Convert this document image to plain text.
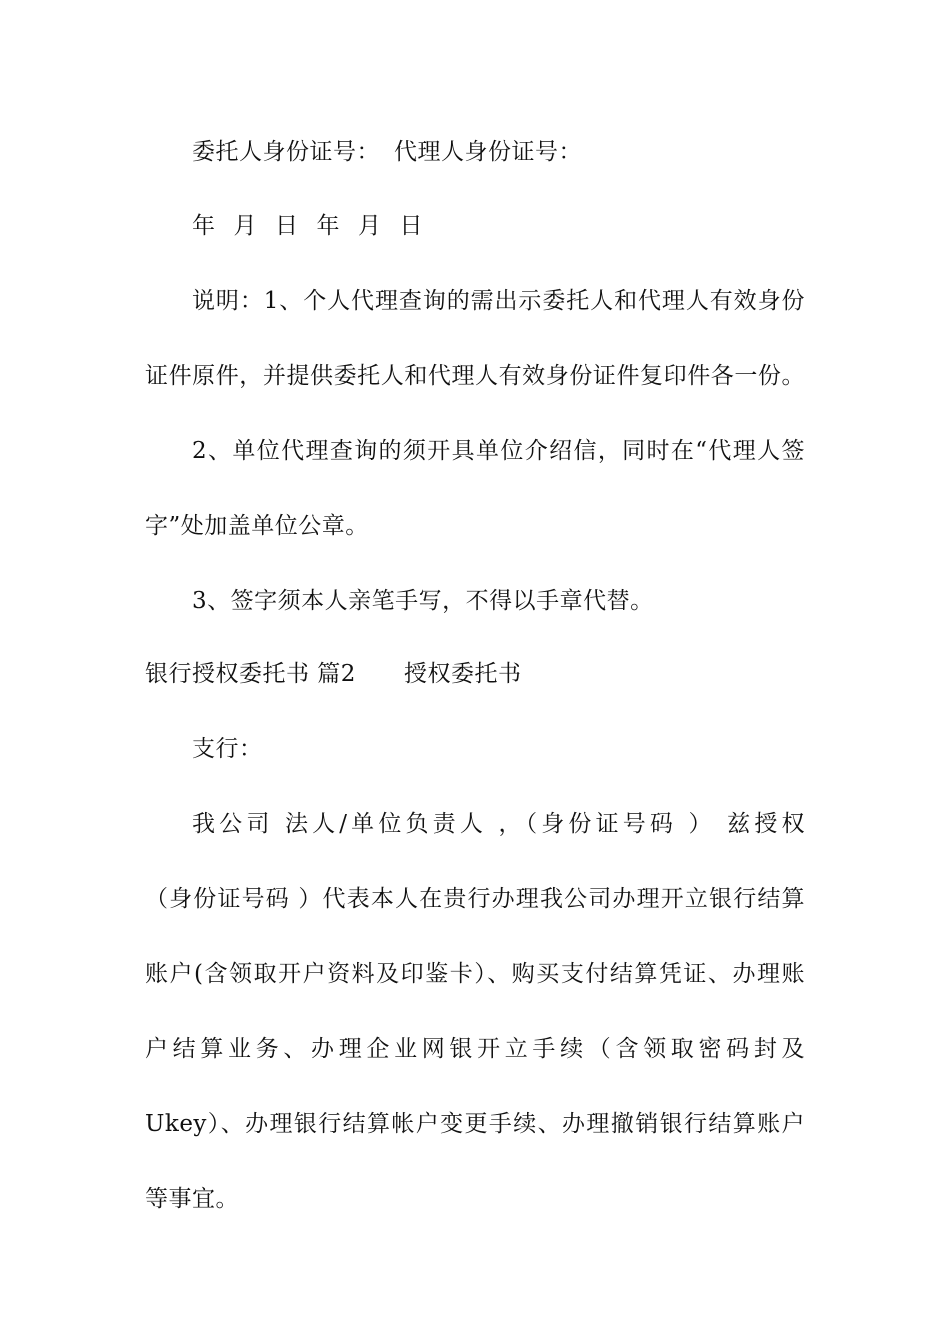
委托人身份证号： 代理人身份证号：
年 月 日 年 月 日
说明：1、个人代理查询的需出示委托人和代理人有效身份
证件原件，并提供委托人和代理人有效身份证件复印件各一份。
2、单位代理查询的须开具单位介绍信，同时在“代理人签
字”处加盖单位公章。
3、签字须本人亲笔手写，不得以手章代替。
银行授权委托书 篇2 授权委托书
支行：
我公司 法人/单位负责人 ，（身份证号码 ） 兹授权
（身份证号码 ）代表本人在贵行办理我公司办理开立银行结算
账户(含领取开户资料及印鉴卡）、购买支付结算凭证、办理账
户结算业务、办理企业网银开立手续（含领取密码封及
Ukey）、办理银行结算帐户变更手续、办理撤销银行结算账户
等事宜。
